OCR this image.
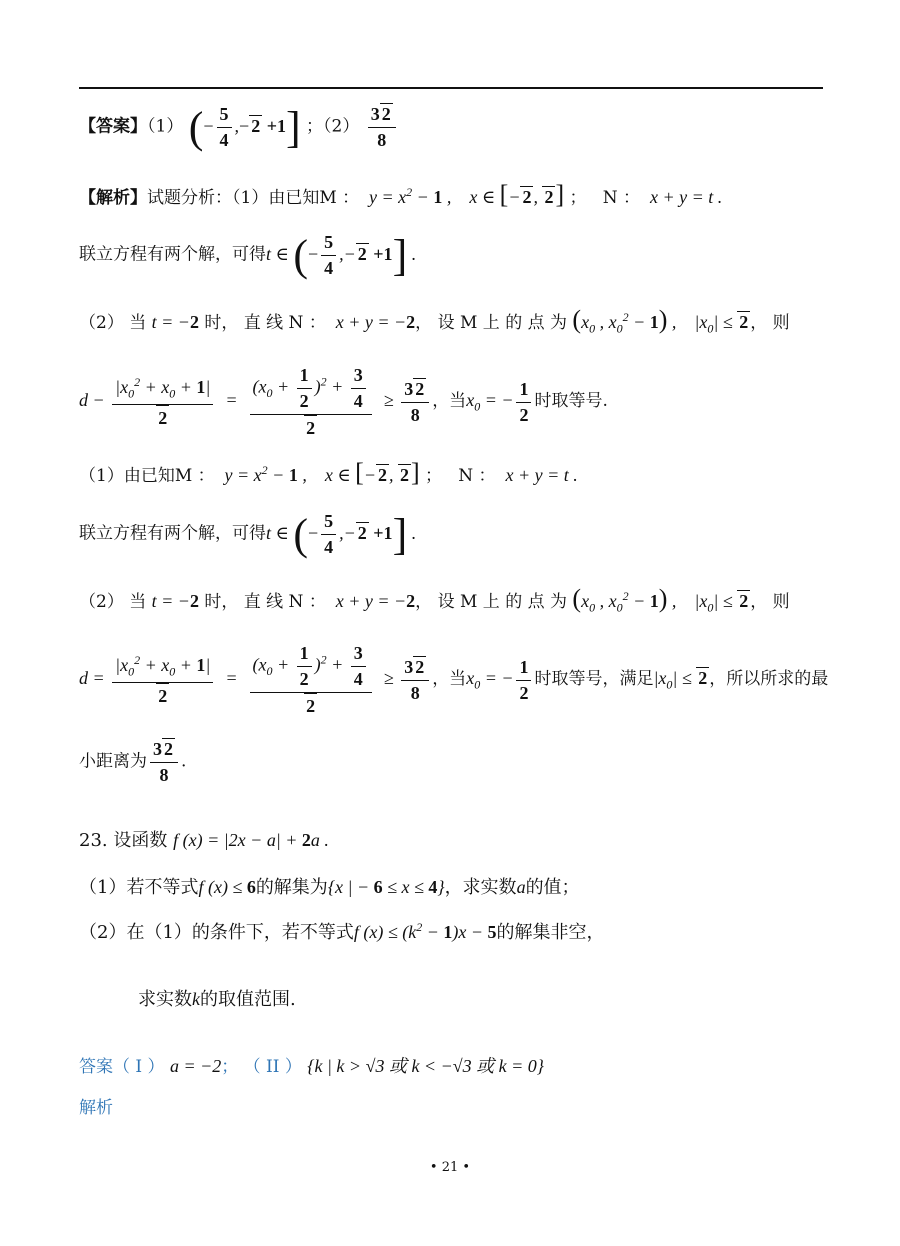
【答案】（1） (− $\frac{5}{4}$ ,− 2 +1] ；$(2) \frac{3 2}{8}$
【解析】试题分析：（1）由已知M ：  $y = x^2 - 1$ ,    x ∈ [− 2 , 2] ；   N ：  x + y = t .
联立方程有两个解，可得t ∈ (− $\frac{5}{4}$ ,− 2 +1] .
（2） 当 t = −2 时， 直 线 N ：  x + y = −2， 设 M 上 的 点 为 ($x_0$ , $x_0^2 - 1$) ,    $|x_0| \le 2$ ， 则
$d - \frac{|x_0^2 + x_0 + 1|}{2} = \frac{(x_0 + \frac{1}{2} )^2 + \frac{3}{4}}{2} \ge \frac{3 2}{8}$ ，当$x_0$ = − $\frac{1}{2}$ 时取等号.
（1）由已知M ：  $y = x^2 - 1$ ,    x ∈ [− 2 , 2] ；   N ：  x + y = t .
联立方程有两个解，可得t ∈ (− $\frac{5}{4}$ ,− 2 +1] .
（2） 当 t = −2 时， 直 线 N ：  x + y = −2， 设 M 上 的 点 为 ($x_0$ , $x_0^2 - 1$) ,    $|x_0| \le 2$ ， 则
$d = \frac{|x_0^2 + x_0 + 1|}{2} = \frac{(x_0 + \frac{1}{2} )^2 + \frac{3}{4}}{2} \ge \frac{3 2}{8}$ ，当$x_0$ = − $\frac{1}{2}$ 时取等号，满足$|x_0| \le 2$ ，所以所求的最
小距离为 $\frac{3 2}{8}$ .
23. 设函数 f (x) = |2x − a| + 2a .
（1）若不等式f (x) ≤ 6的解集为{x | − 6 ≤ x ≤ 4}，求实数a的值；
（2）在（1）的条件下，若不等式f $(x) \le (k^2 - 1)x - 5$的解集非空，
求实数k的取值范围.
答案（ I ） a = −2； （ II ） {k | k > √3 或 k < −√3 或 k = 0}
解析
• 21 •
